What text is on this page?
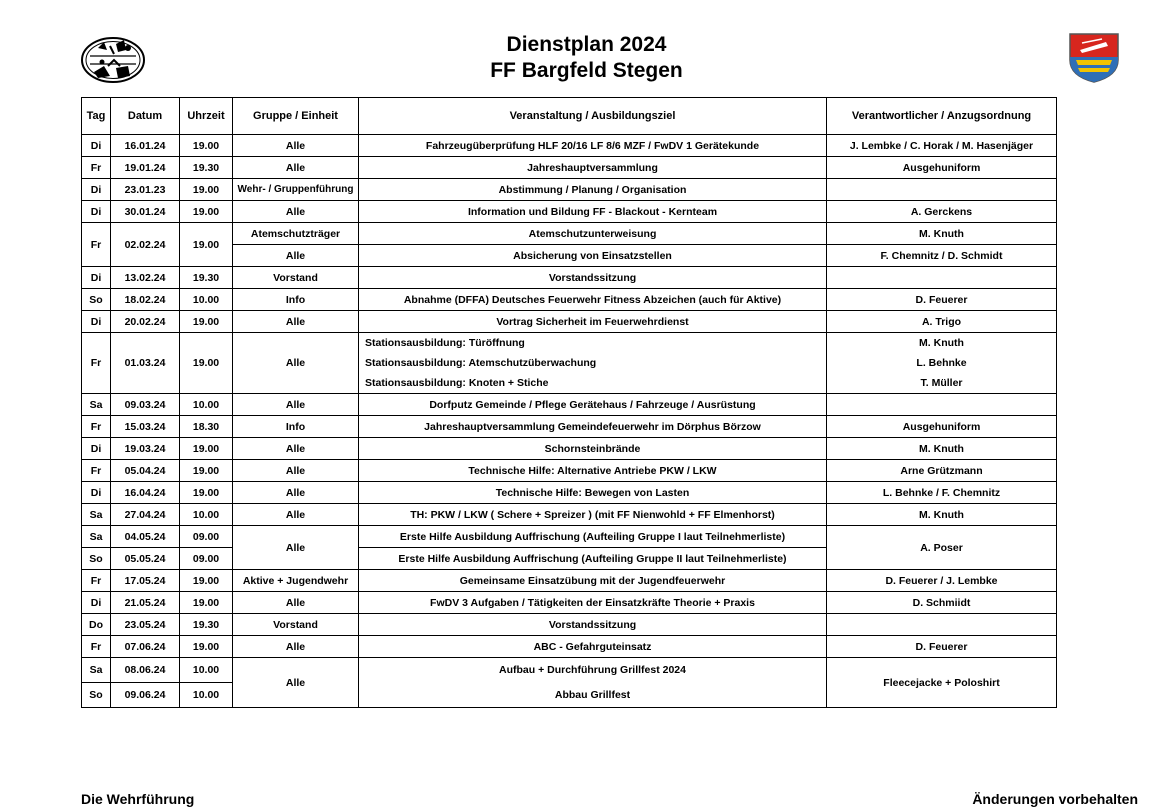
Dienstplan 2024
FF Bargfeld Stegen
Tag	Datum	Uhrzeit	Gruppe / Einheit	Veranstaltung / Ausbildungsziel	Verantwortlicher / Anzugsordnung
Di	16.01.24	19.00	Alle	Fahrzeugüberprüfung HLF 20/16 LF 8/6 MZF / FwDV 1 Gerätekunde	J. Lembke / C. Horak / M. Hasenjäger
Fr	19.01.24	19.30	Alle	Jahreshauptversammlung	Ausgehuniform
Di	23.01.23	19.00	Wehr- / Gruppenführung	Abstimmung / Planung / Organisation	
Di	30.01.24	19.00	Alle	Information und Bildung FF - Blackout - Kernteam	A. Gerckens
Fr	02.02.24	19.00	Atemschutzträger	Atemschutzunterweisung	M. Knuth
			Alle	Absicherung von Einsatzstellen	F. Chemnitz / D. Schmidt
Di	13.02.24	19.30	Vorstand	Vorstandssitzung	
So	18.02.24	10.00	Info	Abnahme (DFFA) Deutsches Feuerwehr Fitness Abzeichen (auch für Aktive)	D. Feuerer
Di	20.02.24	19.00	Alle	Vortrag Sicherheit im Feuerwehrdienst	A. Trigo
Fr	01.03.24	19.00	Alle	Stationsausbildung: Türöffnung	M. Knuth
				Stationsausbildung: Atemschutzüberwachung	L. Behnke
				Stationsausbildung: Knoten + Stiche	T. Müller
Sa	09.03.24	10.00	Alle	Dorfputz Gemeinde / Pflege Gerätehaus / Fahrzeuge / Ausrüstung	
Fr	15.03.24	18.30	Info	Jahreshauptversammlung Gemeindefeuerwehr im Dörphus Börzow	Ausgehuniform
Di	19.03.24	19.00	Alle	Schornsteinbrände	M. Knuth
Fr	05.04.24	19.00	Alle	Technische Hilfe: Alternative Antriebe PKW / LKW	Arne Grützmann
Di	16.04.24	19.00	Alle	Technische Hilfe: Bewegen von Lasten	L. Behnke / F. Chemnitz
Sa	27.04.24	10.00	Alle	TH: PKW / LKW ( Schere + Spreizer ) (mit FF Nienwohld + FF Elmenhorst)	M. Knuth
Sa	04.05.24	09.00	Alle	Erste Hilfe Ausbildung Auffrischung (Aufteiling Gruppe I laut Teilnehmerliste)	A. Poser
So	05.05.24	09.00		Erste Hilfe Ausbildung Auffrischung (Aufteiling Gruppe II laut Teilnehmerliste)	
Fr	17.05.24	19.00	Aktive + Jugendwehr	Gemeinsame Einsatzübung mit der Jugendfeuerwehr	D. Feuerer / J. Lembke
Di	21.05.24	19.00	Alle	FwDV 3 Aufgaben / Tätigkeiten der Einsatzkräfte Theorie + Praxis	D. Schmiidt
Do	23.05.24	19.30	Vorstand	Vorstandssitzung	
Fr	07.06.24	19.00	Alle	ABC - Gefahrguteinsatz	D. Feuerer
Sa	08.06.24	10.00	Alle	Aufbau + Durchführung Grillfest 2024	Fleecejacke + Poloshirt
So	09.06.24	10.00		Abbau Grillfest	
Die Wehrführung	Änderungen vorbehalten
